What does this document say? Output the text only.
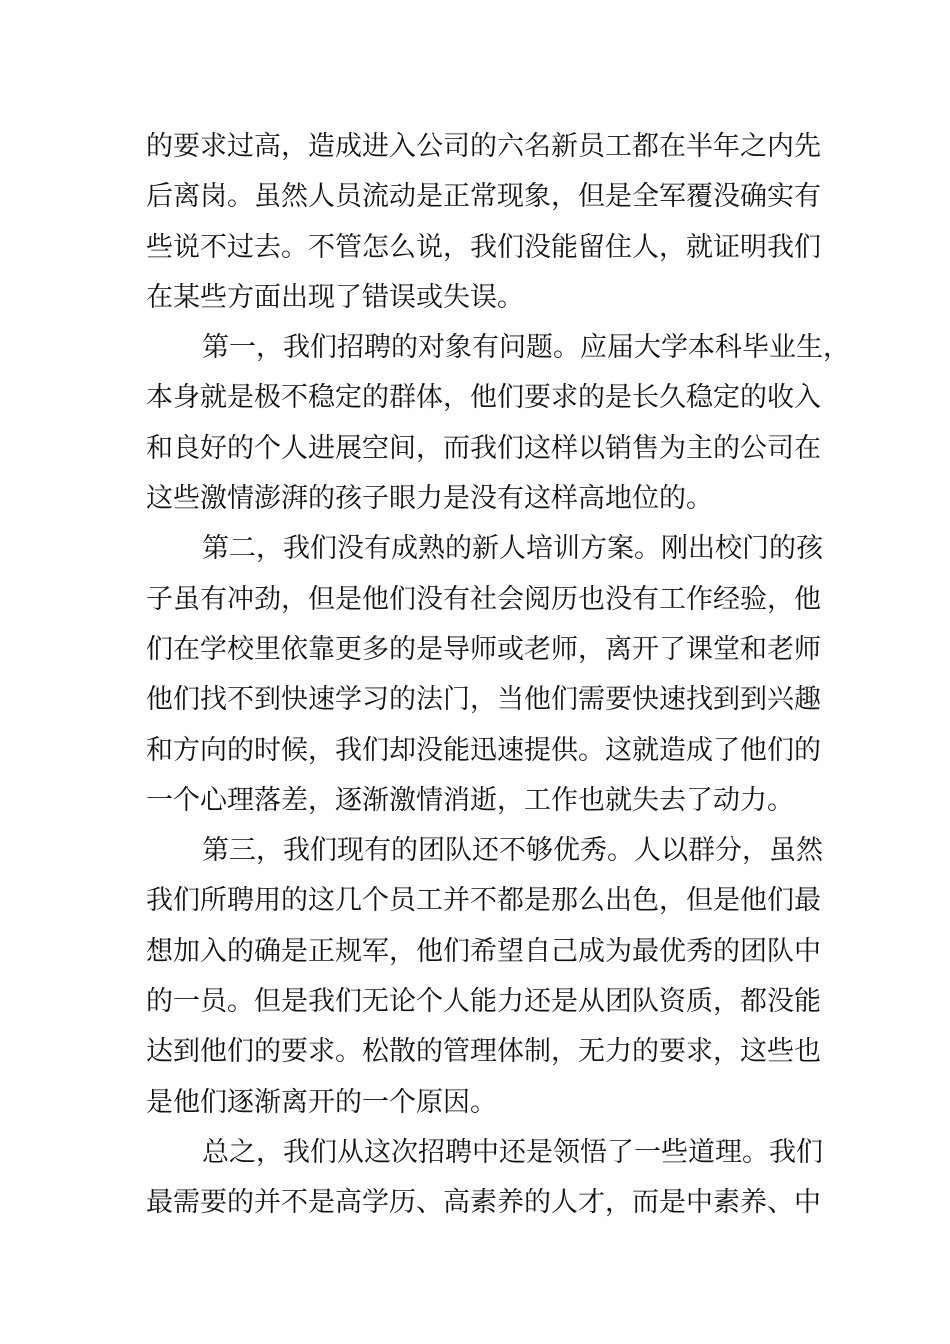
的要求过高，造成进入公司的六名新员工都在半年之内先
后离岗。虽然人员流动是正常现象，但是全军覆没确实有
些说不过去。不管怎么说，我们没能留住人，就证明我们
在某些方面出现了错误或失误。
第一，我们招聘的对象有问题。应届大学本科毕业生，
本身就是极不稳定的群体，他们要求的是长久稳定的收入
和良好的个人进展空间，而我们这样以销售为主的公司在
这些激情澎湃的孩子眼力是没有这样高地位的。
第二，我们没有成熟的新人培训方案。刚出校门的孩
子虽有冲劲，但是他们没有社会阅历也没有工作经验，他
们在学校里依靠更多的是导师或老师，离开了课堂和老师
他们找不到快速学习的法门，当他们需要快速找到到兴趣
和方向的时候，我们却没能迅速提供。这就造成了他们的
一个心理落差，逐渐激情消逝，工作也就失去了动力。
第三，我们现有的团队还不够优秀。人以群分，虽然
我们所聘用的这几个员工并不都是那么出色，但是他们最
想加入的确是正规军，他们希望自己成为最优秀的团队中
的一员。但是我们无论个人能力还是从团队资质，都没能
达到他们的要求。松散的管理体制，无力的要求，这些也
是他们逐渐离开的一个原因。
总之，我们从这次招聘中还是领悟了一些道理。我们
最需要的并不是高学历、高素养的人才，而是中素养、中
